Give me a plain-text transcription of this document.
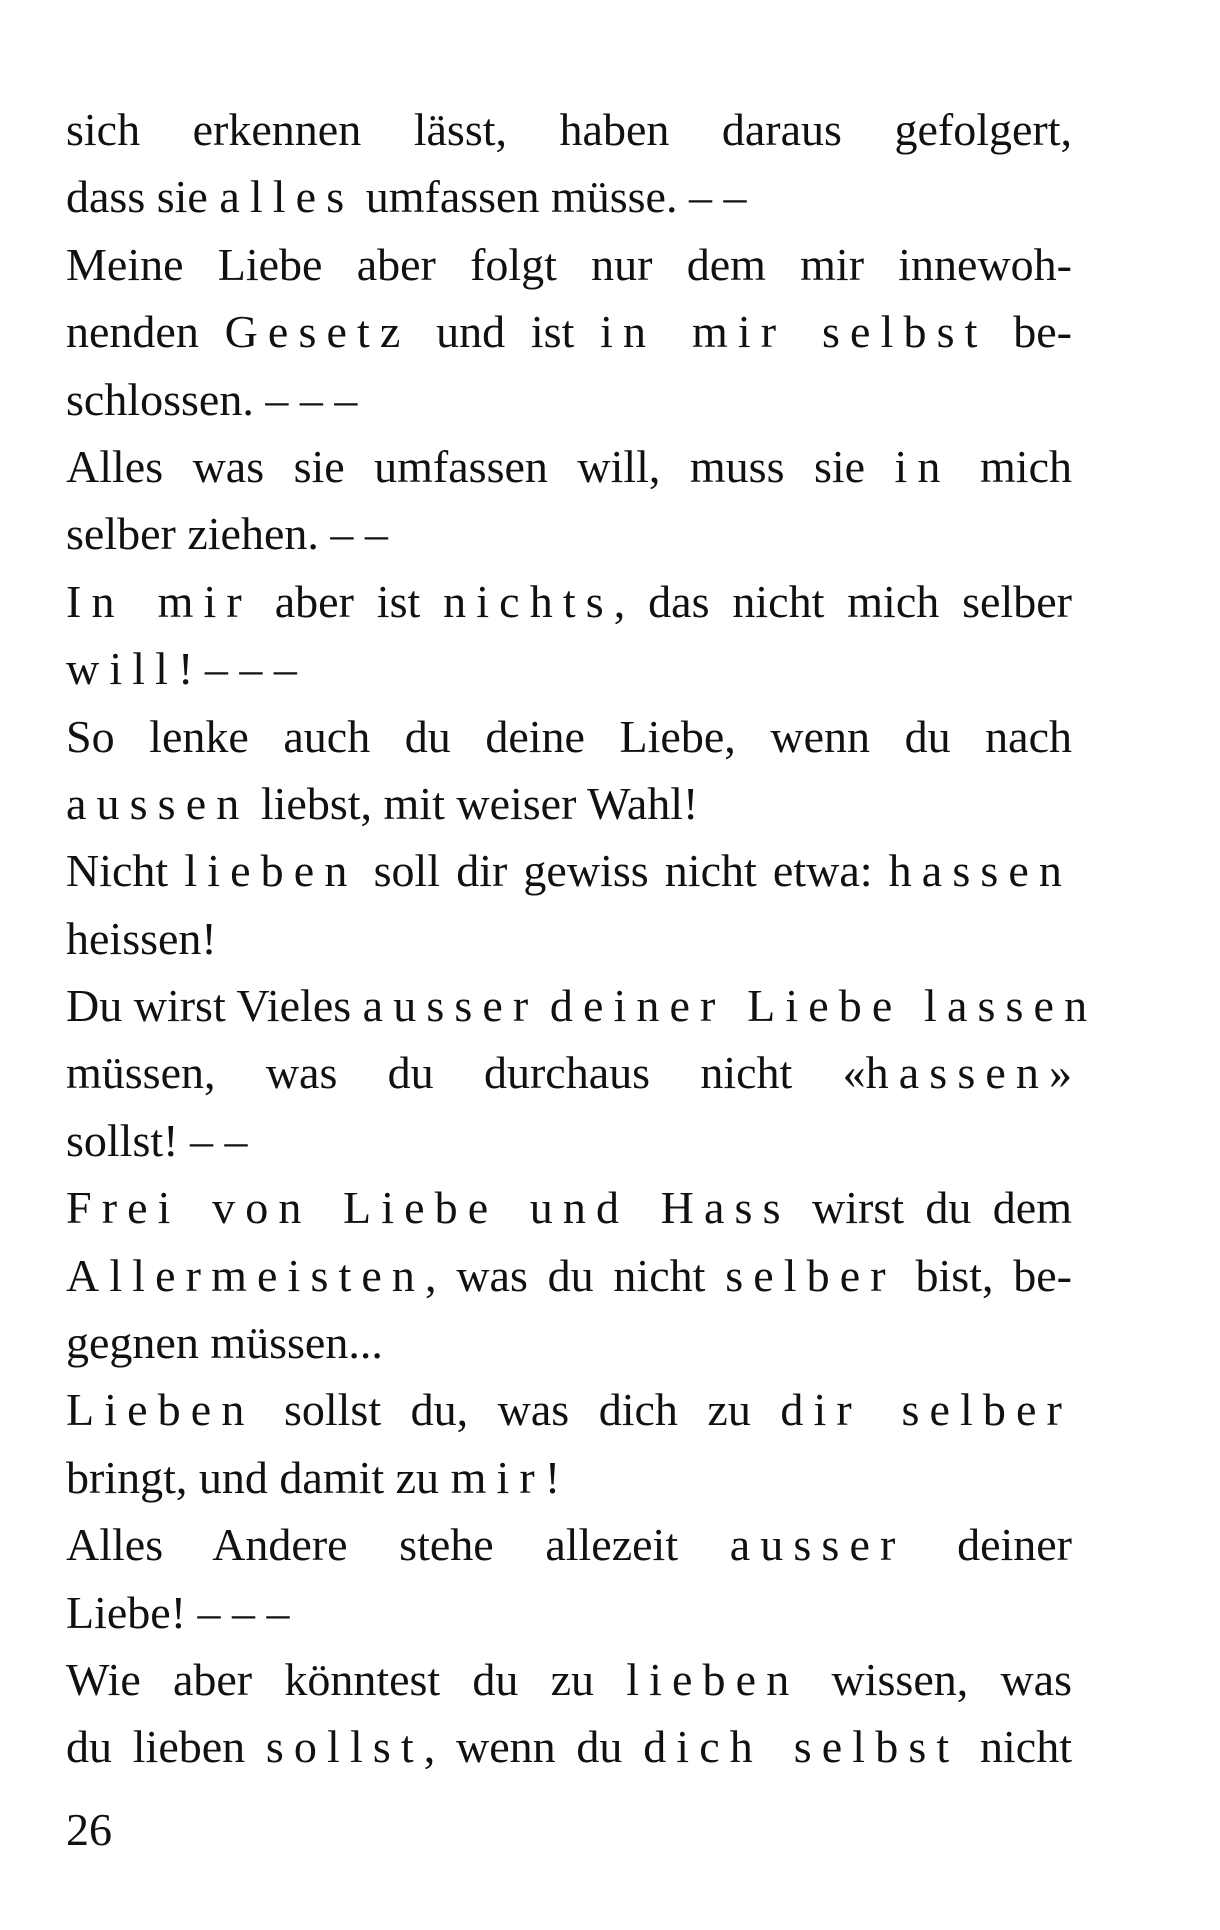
sich erkennen lässt, haben daraus gefolgert,
dass sie alles umfassen müsse. – –
Meine Liebe aber folgt nur dem mir innewoh-
nenden Gesetz und ist in mir selbst be-
schlossen. – – –
Alles was sie umfassen will, muss sie in mich
selber ziehen. – –
In mir aber ist nichts, das nicht mich selber
will! – – –
So lenke auch du deine Liebe, wenn du nach
aussen liebst, mit weiser Wahl!
Nicht lieben soll dir gewiss nicht etwa: hassen
heissen!
Du wirst Vieles ausser deiner Liebe lassen
müssen, was du durchaus nicht «hassen»
sollst! – –
Frei von Liebe und Hass wirst du dem
Allermeisten, was du nicht selber bist, be-
gegnen müssen...
Lieben sollst du, was dich zu dir selber
bringt, und damit zu mir!
Alles Andere stehe allezeit ausser deiner
Liebe! – – –
Wie aber könntest du zu lieben wissen, was
du lieben sollst, wenn du dich selbst nicht
26
